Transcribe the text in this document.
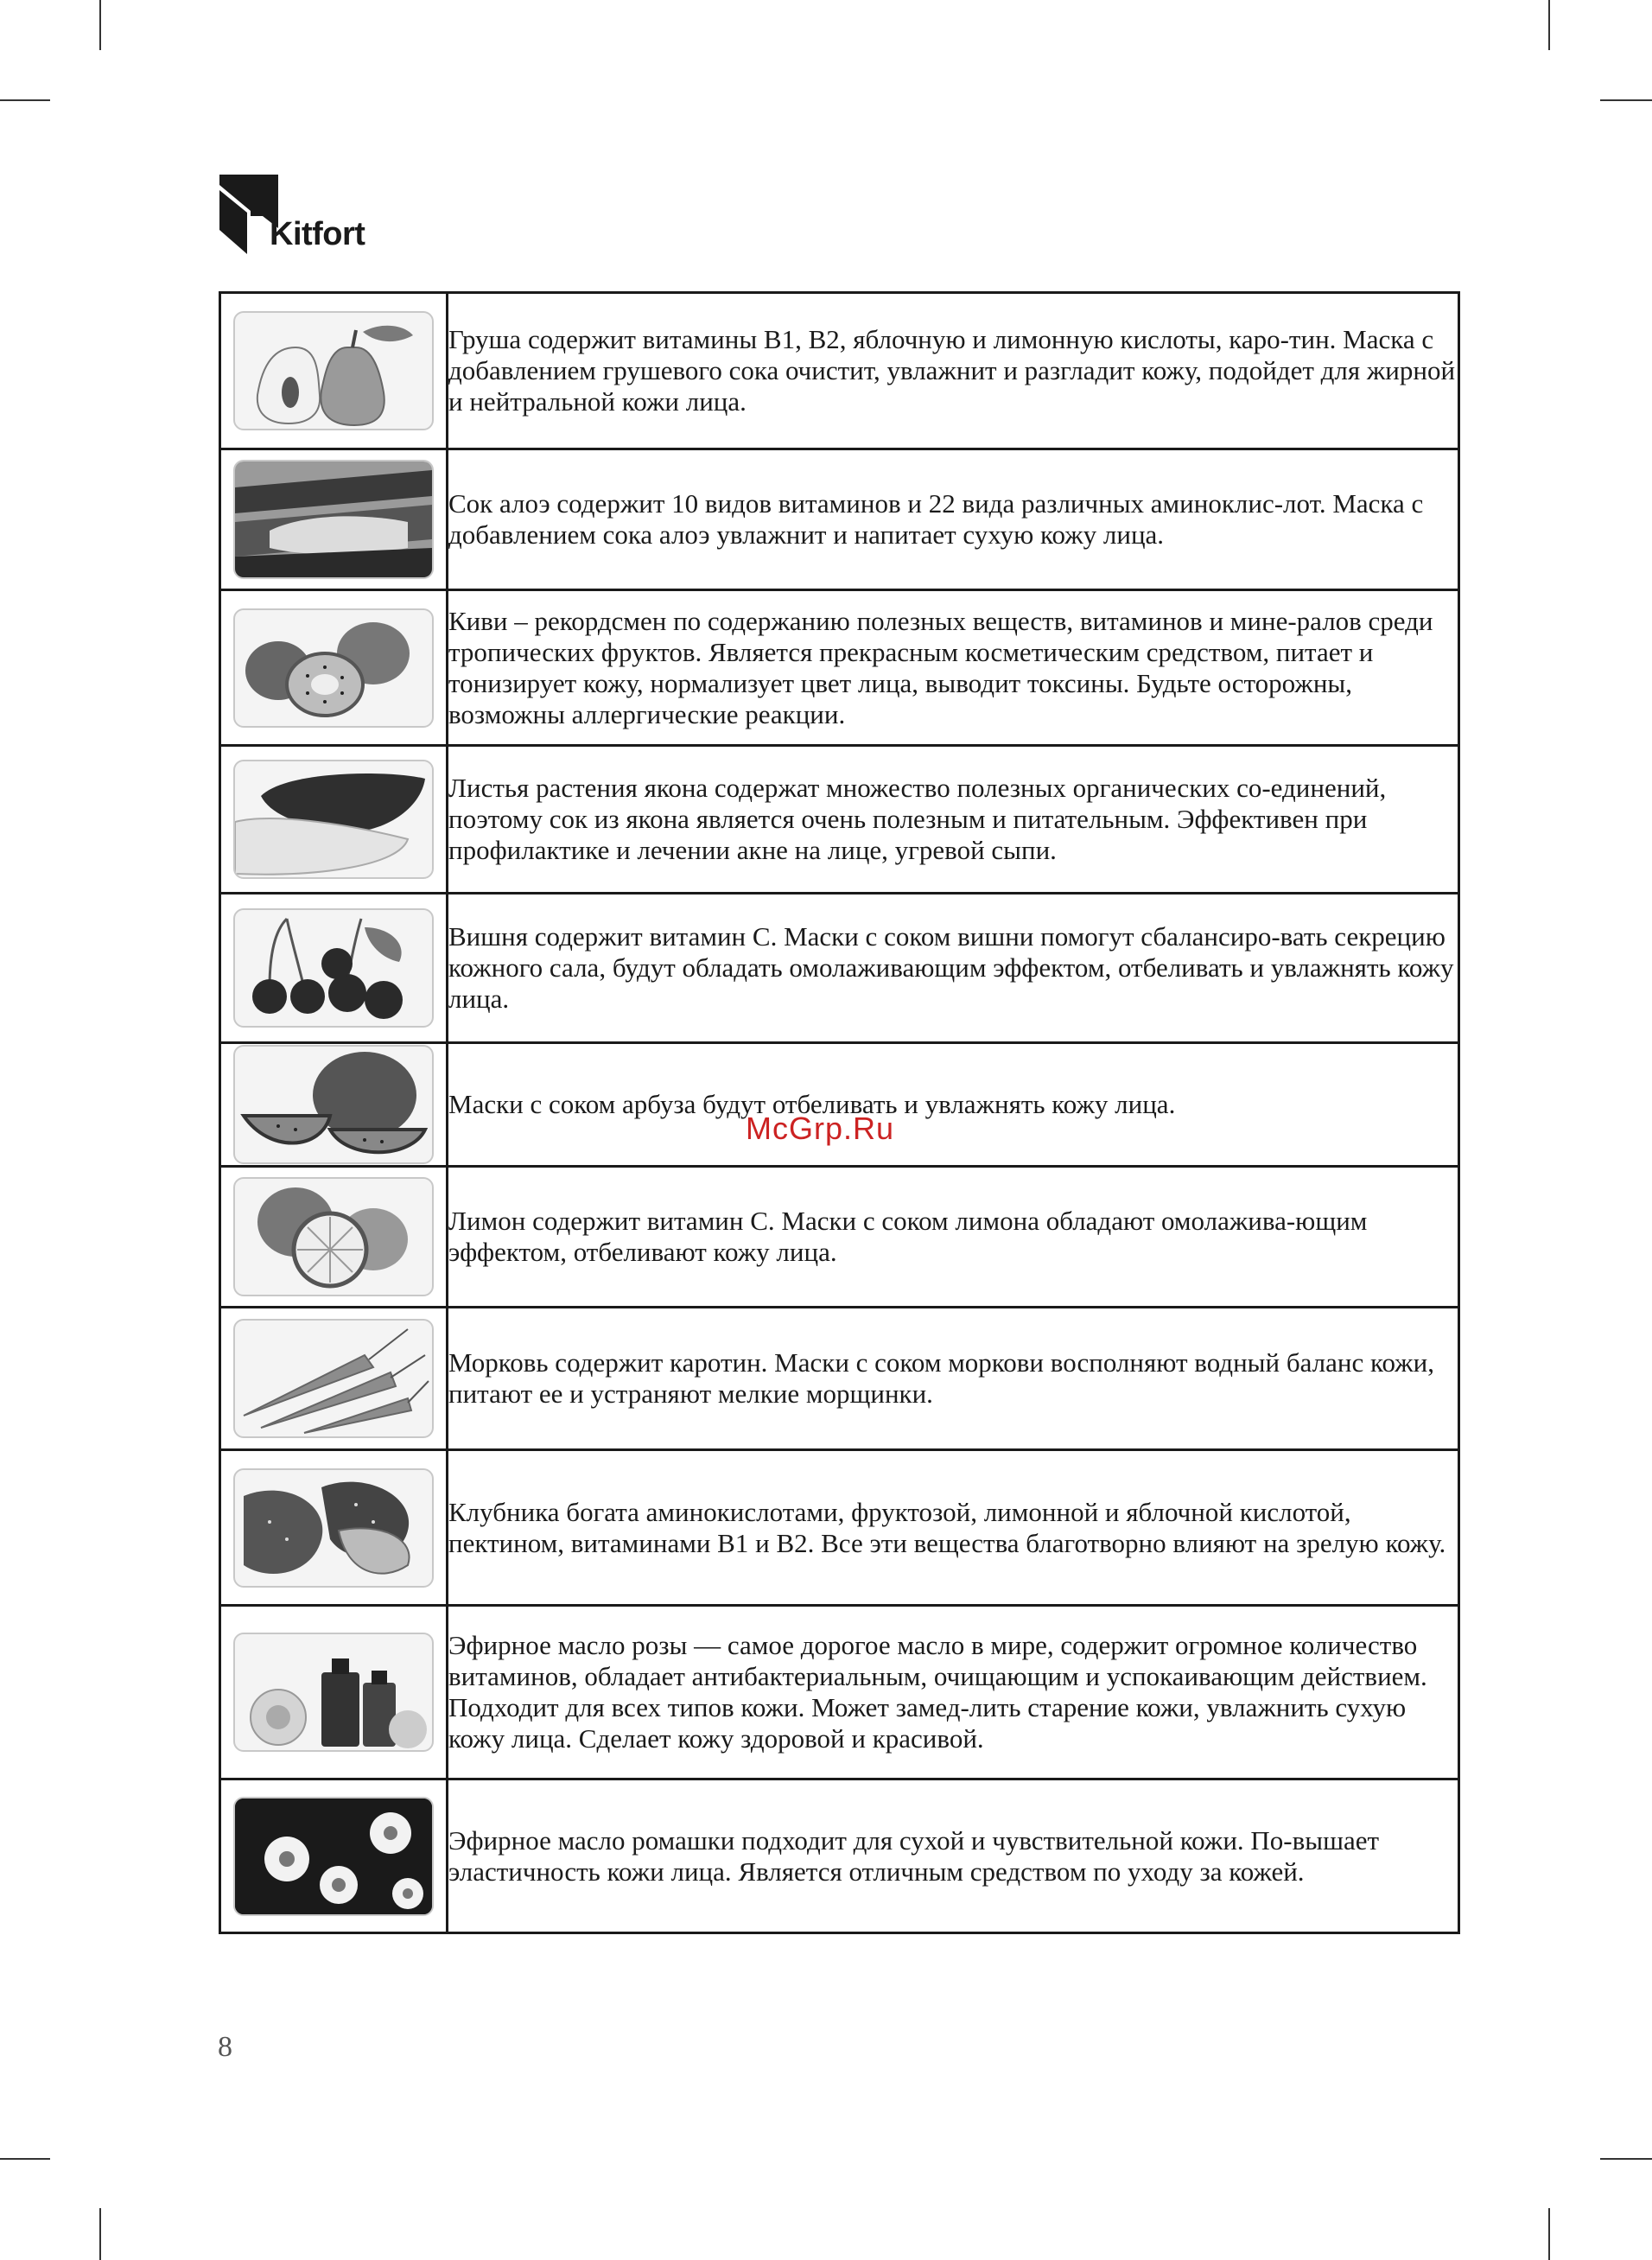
Kitfort
	Груша содержит витамины В1, В2, яблочную и лимонную кислоты, каро-тин. Маска с добавлением грушевого сока очистит, увлажнит и разгладит кожу, подойдет для жирной и нейтральной кожи лица.

	Сок алоэ содержит 10 видов витаминов и 22 вида различных аминоклис-лот. Маска с добавлением сока алоэ увлажнит и напитает сухую кожу лица.

	Киви – рекордсмен по содержанию полезных веществ, витаминов и мине-ралов среди тропических фруктов. Является прекрасным косметическим средством, питает и тонизирует кожу, нормализует цвет лица, выводит токсины. Будьте осторожны, возможны аллергические реакции.

	Листья растения якона содержат множество полезных органических со-единений, поэтому сок из якона является очень полезным и питательным. Эффективен при профилактике и лечении акне на лице, угревой сыпи.

	Вишня содержит витамин С. Маски с соком вишни помогут сбалансиро-вать секрецию кожного сала, будут обладать омолаживающим эффектом, отбеливать и увлажнять кожу лица.

	Маски с соком арбуза будут отбеливать и увлажнять кожу лица.

	Лимон содержит витамин С. Маски с соком лимона обладают омолажива-ющим эффектом, отбеливают кожу лица.

	Морковь содержит каротин. Маски с соком моркови восполняют водный баланс кожи, питают ее и устраняют мелкие морщинки.

	Клубника богата аминокислотами, фруктозой, лимонной и яблочной кислотой, пектином, витаминами В1 и В2. Все эти вещества благотворно влияют на зрелую кожу.

	Эфирное масло розы — самое дорогое масло в мире, содержит огромное количество витаминов, обладает антибактериальным, очищающим и успокаивающим действием. Подходит для всех типов кожи. Может замед-лить старение кожи, увлажнить сухую кожу лица. Сделает кожу здоровой и красивой.

	Эфирное масло ромашки подходит для сухой и чувствительной кожи. По-вышает эластичность кожи лица. Является отличным средством по уходу за кожей.
McGrp.Ru
8
